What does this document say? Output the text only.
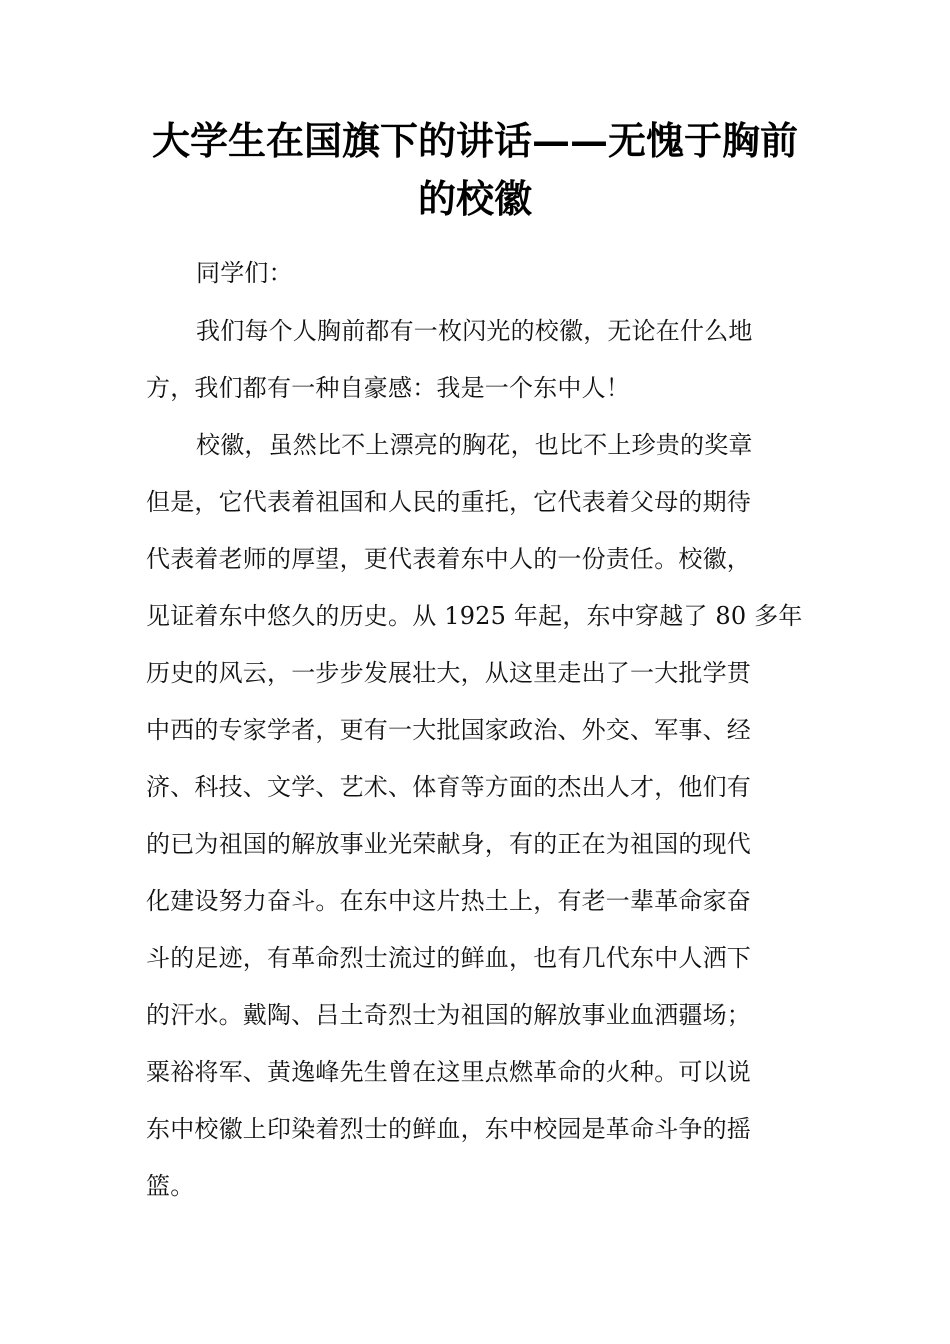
大学生在国旗下的讲话——无愧于胸前
的校徽

同学们：

我们每个人胸前都有一枚闪光的校徽，无论在什么地

方，我们都有一种自豪感：我是一个东中人！

校徽，虽然比不上漂亮的胸花，也比不上珍贵的奖章

但是，它代表着祖国和人民的重托，它代表着父母的期待

代表着老师的厚望，更代表着东中人的一份责任。校徽，

见证着东中悠久的历史。从 1925 年起，东中穿越了 80 多年

历史的风云，一步步发展壮大，从这里走出了一大批学贯

中西的专家学者，更有一大批国家政治、外交、军事、经

济、科技、文学、艺术、体育等方面的杰出人才，他们有

的已为祖国的解放事业光荣献身，有的正在为祖国的现代

化建设努力奋斗。在东中这片热土上，有老一辈革命家奋

斗的足迹，有革命烈士流过的鲜血，也有几代东中人洒下

的汗水。戴陶、吕土奇烈士为祖国的解放事业血洒疆场；

粟裕将军、黄逸峰先生曾在这里点燃革命的火种。可以说

东中校徽上印染着烈士的鲜血，东中校园是革命斗争的摇

篮。
